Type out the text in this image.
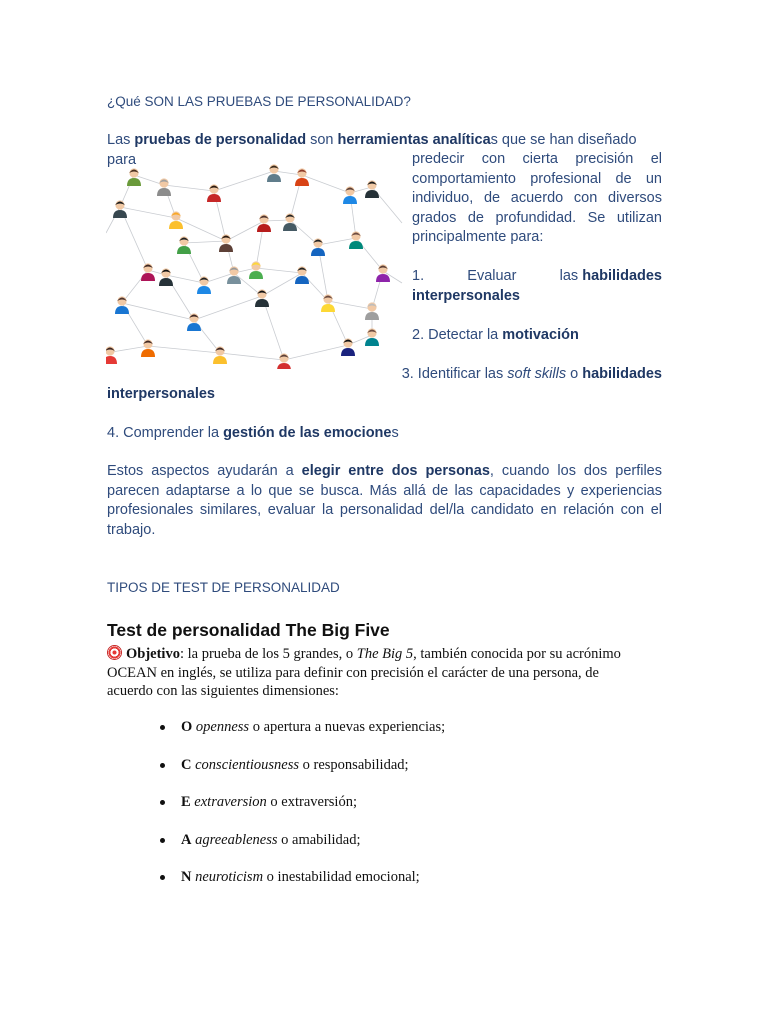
¿Qué SON LAS PRUEBAS DE PERSONALIDAD?
Las pruebas de personalidad son herramientas analíticas que se han diseñado para	predecir con cierta precisión el comportamiento profesional de un individuo, de acuerdo con diversos grados de profundidad. Se utilizan principalmente para:
1.	Evaluar	las habilidades
interpersonales
2. Detectar la motivación
3. Identificar las soft skills o habilidades
interpersonales
4. Comprender la gestión de las emociones
Estos aspectos ayudarán a elegir entre dos personas, cuando los dos perfiles parecen adaptarse a lo que se busca. Más allá de las capacidades y experiencias profesionales similares, evaluar la personalidad del/la candidato en relación con el trabajo.
TIPOS DE TEST DE PERSONALIDAD
Test de personalidad The Big Five
Objetivo: la prueba de los 5 grandes, o The Big 5, también conocida por su acrónimo OCEAN en inglés, se utiliza para definir con precisión el carácter de una persona, de acuerdo con las siguientes dimensiones:
O openness o apertura a nuevas experiencias;
C conscientiousness o responsabilidad;
E extraversion o extraversión;
A agreeableness o amabilidad;
N neuroticism o inestabilidad emocional;
